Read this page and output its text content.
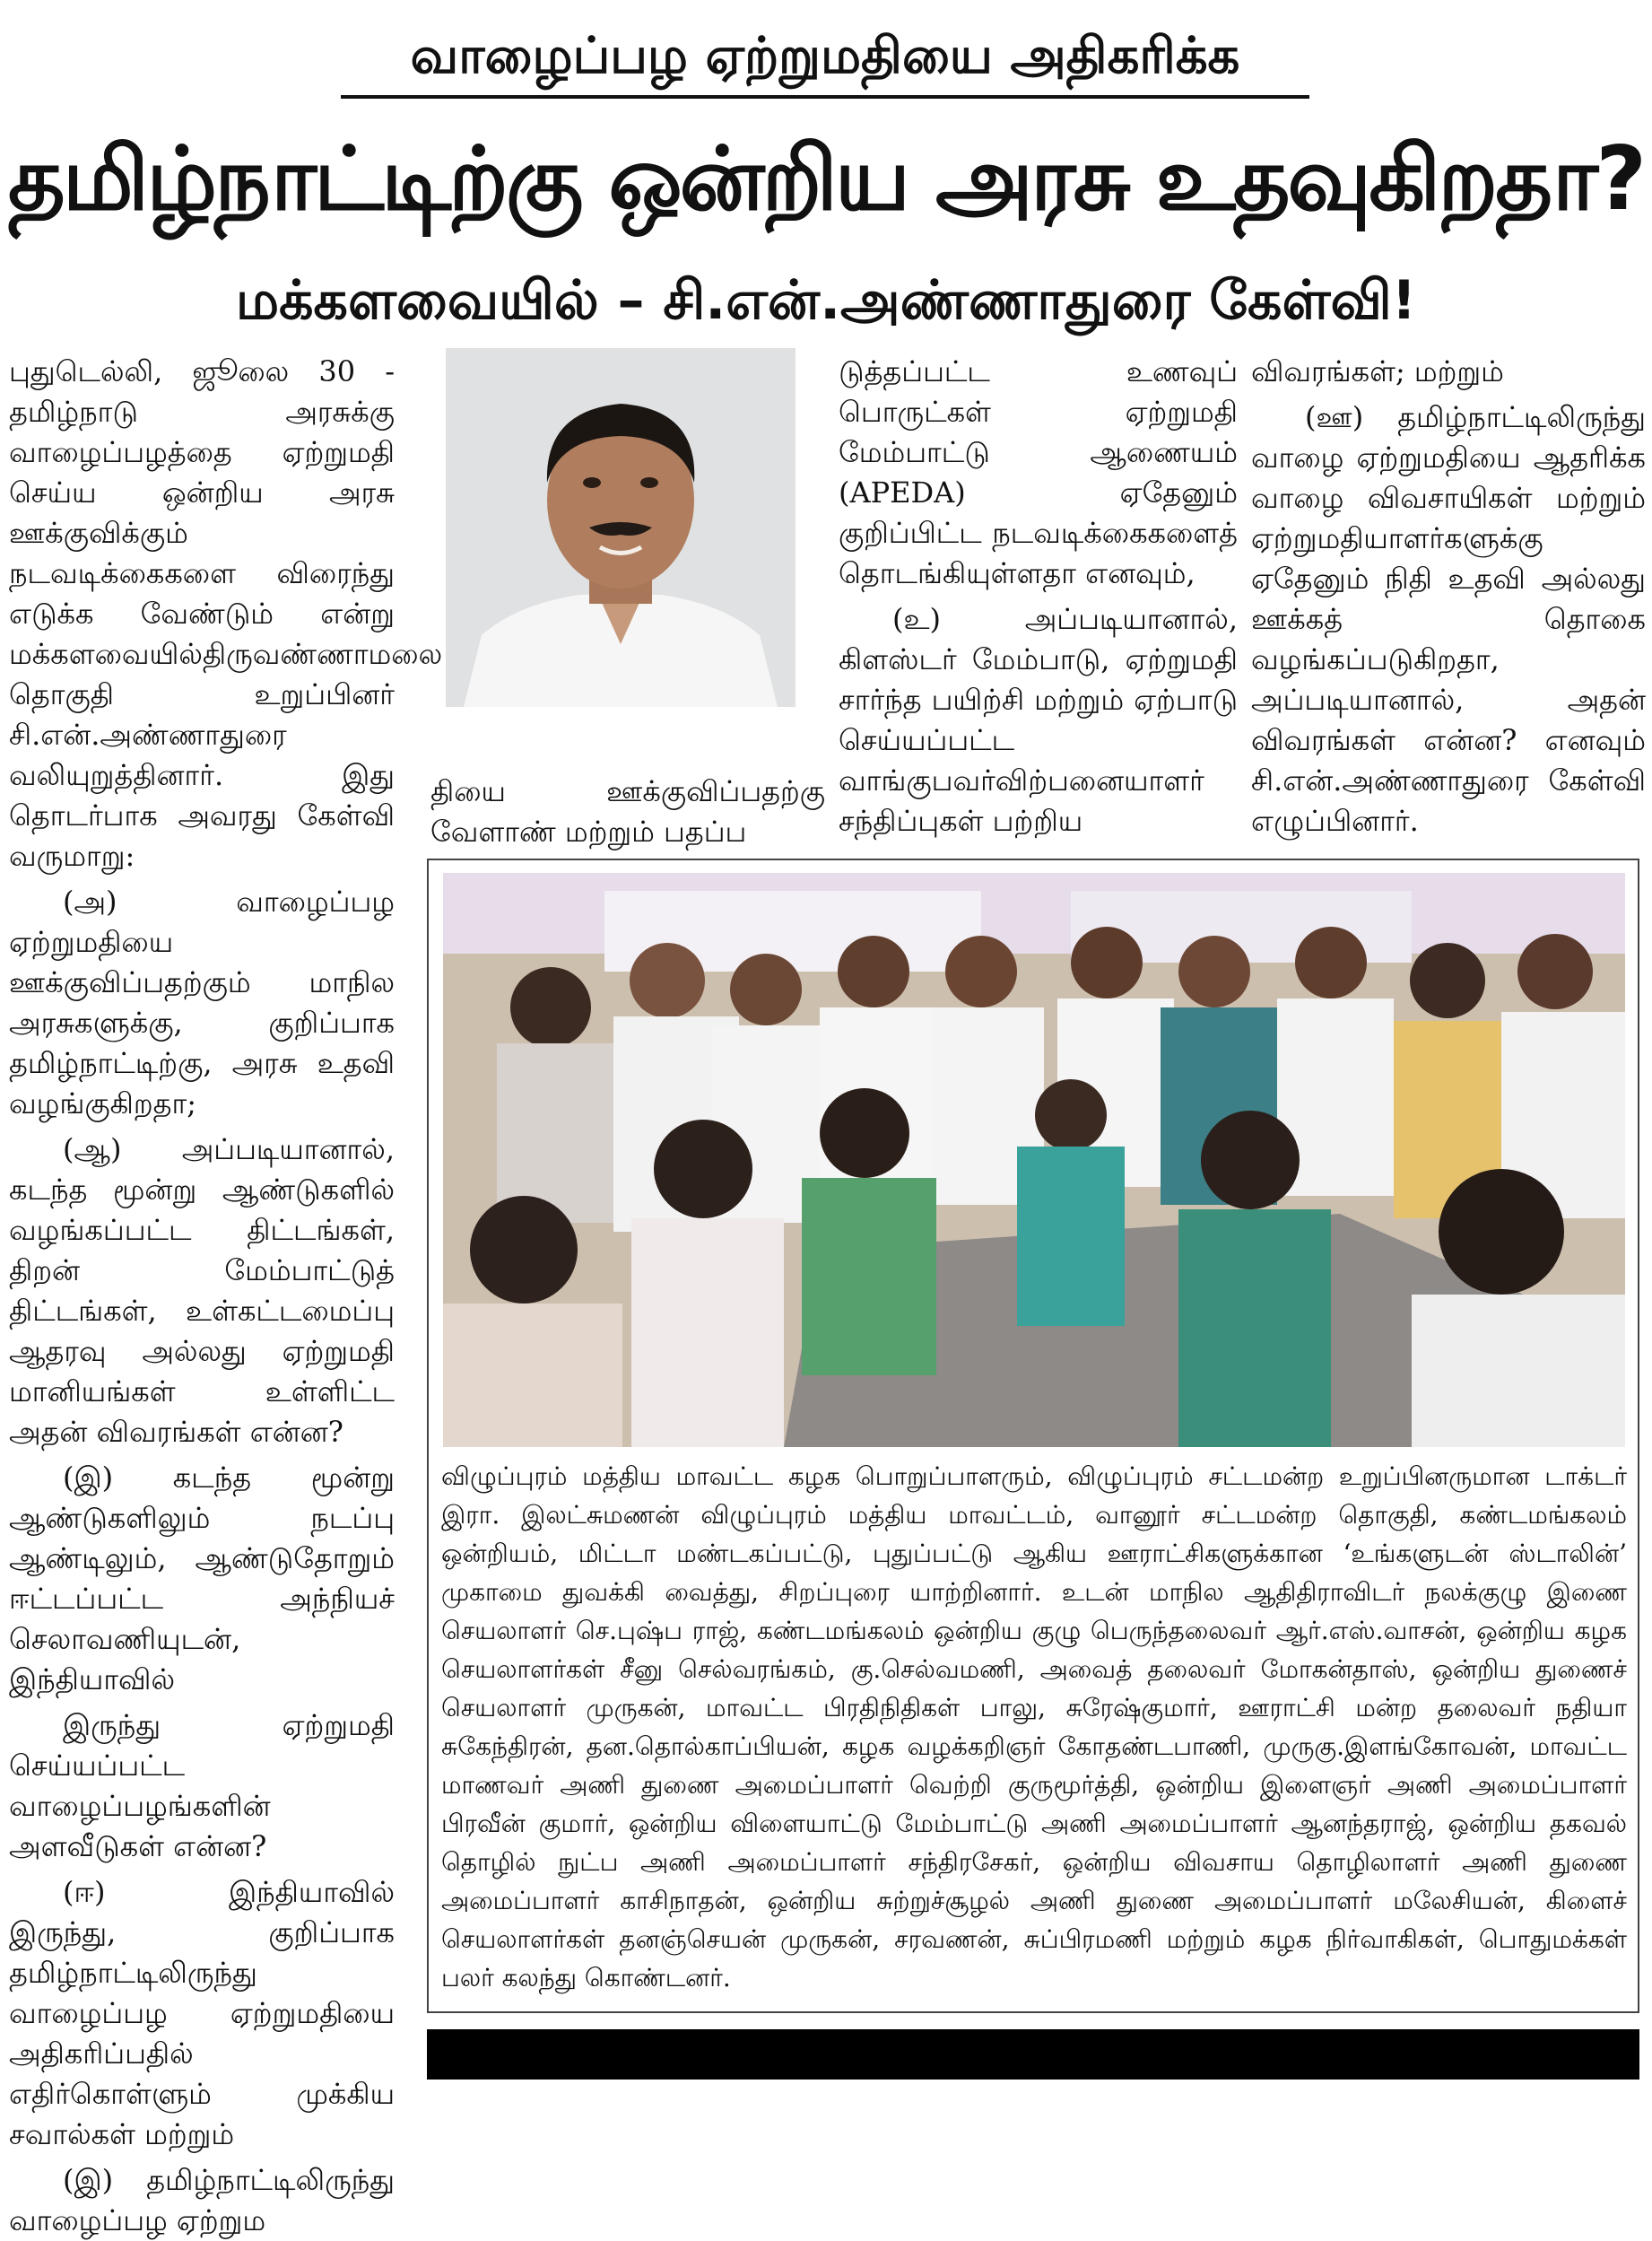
வாழைப்பழ ஏற்றுமதியை அதிகரிக்க
தமிழ்நாட்டிற்கு ஒன்றிய அரசு உதவுகிறதா?
மக்களவையில் – சி.என்.அண்ணாதுரை கேள்வி!

புதுடெல்லி, ஜூலை 30 - தமிழ்நாடு அரசுக்கு வாழைப்பழத்தை ஏற்றுமதி செய்ய ஒன்றிய அரசு ஊக்குவிக்கும் நடவடிக்கைகளை விரைந்து எடுக்க வேண்டும் என்று மக்களவையில்திருவண்ணாமலை தொகுதி உறுப்பினர் சி.என்.அண்ணாதுரை வலியுறுத்தினார். இது தொடர்பாக அவரது கேள்வி வருமாறு:

(அ) வாழைப்பழ ஏற்றுமதியை ஊக்குவிப்பதற்கும் மாநில அரசுகளுக்கு, குறிப்பாக தமிழ்நாட்டிற்கு, அரசு உதவி வழங்குகிறதா;

(ஆ) அப்படியானால், கடந்த மூன்று ஆண்டுகளில் வழங்கப்பட்ட திட்டங்கள், திறன் மேம்பாட்டுத் திட்டங்கள், உள்கட்டமைப்பு ஆதரவு அல்லது ஏற்றுமதி மானியங்கள் உள்ளிட்ட அதன் விவரங்கள் என்ன?

(இ) கடந்த மூன்று ஆண்டுகளிலும் நடப்பு ஆண்டிலும், ஆண்டுதோறும் ஈட்டப்பட்ட அந்நியச் செலாவணியுடன், இந்தியாவில்

இருந்து ஏற்றுமதி செய்யப்பட்ட வாழைப்பழங்களின் அளவீடுகள் என்ன?

(ஈ) இந்தியாவில் இருந்து, குறிப்பாக தமிழ்நாட்டிலிருந்து வாழைப்பழ ஏற்றுமதியை அதிகரிப்பதில் எதிர்கொள்ளும் முக்கிய சவால்கள் மற்றும்

(இ) தமிழ்நாட்டிலிருந்து வாழைப்பழ ஏற்றும

தியை ஊக்குவிப்பதற்கு வேளாண் மற்றும் பதப்ப

டுத்தப்பட்ட உணவுப் பொருட்கள் ஏற்றுமதி மேம்பாட்டு ஆணையம் (APEDA) ஏதேனும் குறிப்பிட்ட நடவடிக்கைகளைத் தொடங்கியுள்ளதா எனவும்,

(உ) அப்படியானால், கிளஸ்டர் மேம்பாடு, ஏற்றுமதி சார்ந்த பயிற்சி மற்றும் ஏற்பாடு செய்யப்பட்ட வாங்குபவர்விற்பனையாளர் சந்திப்புகள் பற்றிய

விவரங்கள்; மற்றும்

(ஊ) தமிழ்நாட்டிலிருந்து வாழை ஏற்றுமதியை ஆதரிக்க வாழை விவசாயிகள் மற்றும் ஏற்றுமதியாளர்களுக்கு ஏதேனும் நிதி உதவி அல்லது ஊக்கத் தொகை வழங்கப்படுகிறதா, அப்படியானால், அதன் விவரங்கள் என்ன? எனவும் சி.என்.அண்ணாதுரை கேள்வி எழுப்பினார்.

விழுப்புரம் மத்திய மாவட்ட கழக பொறுப்பாளரும், விழுப்புரம் சட்டமன்ற உறுப்பினருமான டாக்டர் இரா. இலட்சுமணன் விழுப்புரம் மத்திய மாவட்டம், வானூர் சட்டமன்ற தொகுதி, கண்டமங்கலம் ஒன்றியம், மிட்டா மண்டகப்பட்டு, புதுப்பட்டு ஆகிய ஊராட்சிகளுக்கான ‘உங்களுடன் ஸ்டாலின்’ முகாமை துவக்கி வைத்து, சிறப்புரை யாற்றினார். உடன் மாநில ஆதிதிராவிடர் நலக்குழு இணை செயலாளர் செ.புஷ்ப ராஜ், கண்டமங்கலம் ஒன்றிய குழு பெருந்தலைவர் ஆர்.எஸ்.வாசன், ஒன்றிய கழக செயலாளர்கள் சீனு செல்வரங்கம், கு.செல்வமணி, அவைத் தலைவர் மோகன்தாஸ், ஒன்றிய துணைச் செயலாளர் முருகன், மாவட்ட பிரதிநிதிகள் பாலு, சுரேஷ்குமார், ஊராட்சி மன்ற தலைவர் நதியா சுகேந்திரன், தன.தொல்காப்பியன், கழக வழக்கறிஞர் கோதண்டபாணி, முருகு.இளங்கோவன், மாவட்ட மாணவர் அணி துணை அமைப்பாளர் வெற்றி குருமூர்த்தி, ஒன்றிய இளைஞர் அணி அமைப்பாளர் பிரவீன் குமார், ஒன்றிய விளையாட்டு மேம்பாட்டு அணி அமைப்பாளர் ஆனந்தராஜ், ஒன்றிய தகவல் தொழில் நுட்ப அணி அமைப்பாளர் சந்திரசேகர், ஒன்றிய விவசாய தொழிலாளர் அணி துணை அமைப்பாளர் காசிநாதன், ஒன்றிய சுற்றுச்சூழல் அணி துணை அமைப்பாளர் மலேசியன், கிளைச் செயலாளர்கள் தனஞ்செயன் முருகன், சரவணன், சுப்பிரமணி மற்றும் கழக நிர்வாகிகள், பொதுமக்கள் பலர் கலந்து கொண்டனர்.
